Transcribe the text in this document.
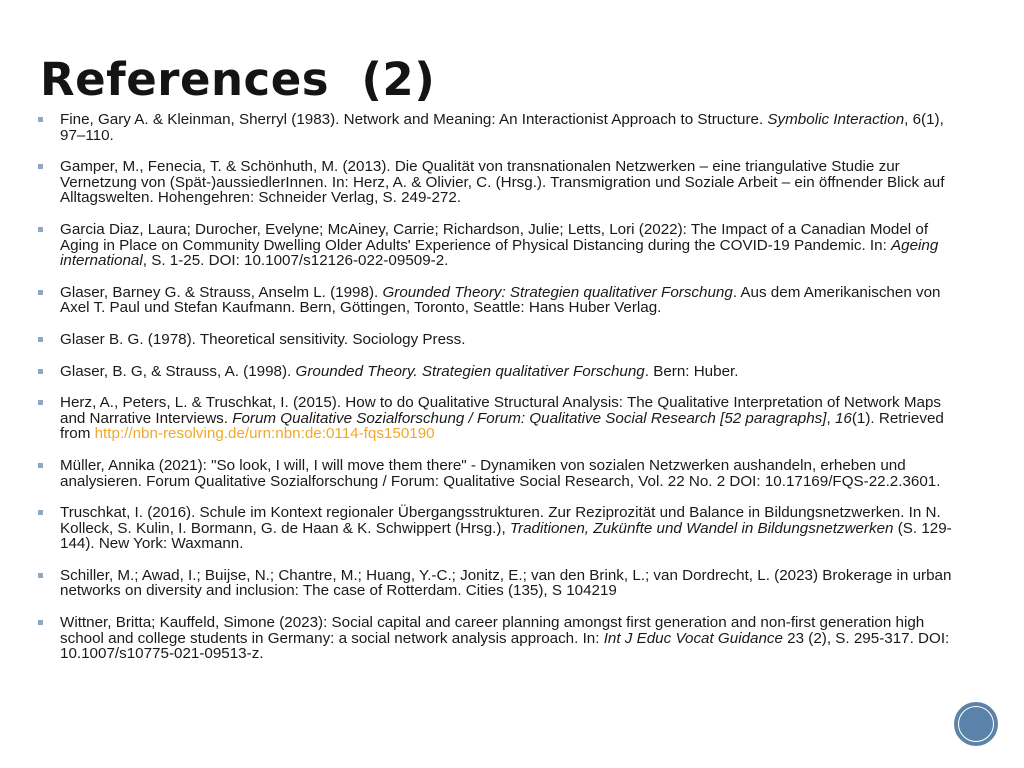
References  (2)
Fine, Gary A. & Kleinman, Sherryl (1983). Network and Meaning: An Interactionist Approach to Structure. Symbolic Interaction, 6(1), 97–110.
Gamper, M., Fenecia, T. & Schönhuth, M. (2013). Die Qualität von transnationalen Netzwerken – eine triangulative Studie zur Vernetzung von (Spät-)aussiedlerInnen. In: Herz, A. & Olivier, C. (Hrsg.). Transmigration und Soziale Arbeit – ein öffnender Blick auf Alltagswelten. Hohengehren: Schneider Verlag, S. 249-272.
Garcia Diaz, Laura; Durocher, Evelyne; McAiney, Carrie; Richardson, Julie; Letts, Lori (2022): The Impact of a Canadian Model of Aging in Place on Community Dwelling Older Adults' Experience of Physical Distancing during the COVID-19 Pandemic. In: Ageing international, S. 1-25. DOI: 10.1007/s12126-022-09509-2.
Glaser, Barney G. & Strauss, Anselm L. (1998). Grounded Theory: Strategien qualitativer Forschung. Aus dem Amerikanischen von Axel T. Paul und Stefan Kaufmann. Bern, Göttingen, Toronto, Seattle: Hans Huber Verlag.
Glaser B. G. (1978). Theoretical sensitivity. Sociology Press.
Glaser, B. G, & Strauss, A. (1998). Grounded Theory. Strategien qualitativer Forschung. Bern: Huber.
Herz, A., Peters, L. & Truschkat, I. (2015). How to do Qualitative Structural Analysis: The Qualitative Interpretation of Network Maps and Narrative Interviews. Forum Qualitative Sozialforschung / Forum: Qualitative Social Research [52 paragraphs], 16(1). Retrieved from http://nbn-resolving.de/urn:nbn:de:0114-fqs150190
Müller, Annika (2021): "So look, I will, I will move them there" - Dynamiken von sozialen Netzwerken aushandeln, erheben und analysieren. Forum Qualitative Sozialforschung / Forum: Qualitative Social Research, Vol. 22 No. 2 DOI: 10.17169/FQS-22.2.3601.
Truschkat, I. (2016). Schule im Kontext regionaler Übergangsstrukturen. Zur Reziprozität und Balance in Bildungsnetzwerken. In N. Kolleck, S. Kulin, I. Bormann, G. de Haan & K. Schwippert (Hrsg.), Traditionen, Zukünfte und Wandel in Bildungsnetzwerken (S. 129-144). New York: Waxmann.
Schiller, M.; Awad, I.; Buijse, N.; Chantre, M.; Huang, Y.-C.; Jonitz, E.; van den Brink, L.; van Dordrecht, L. (2023) Brokerage in urban networks on diversity and inclusion: The case of Rotterdam. Cities (135), S 104219
Wittner, Britta; Kauffeld, Simone (2023): Social capital and career planning amongst first generation and non-first generation high school and college students in Germany: a social network analysis approach. In: Int J Educ Vocat Guidance 23 (2), S. 295-317. DOI: 10.1007/s10775-021-09513-z.
